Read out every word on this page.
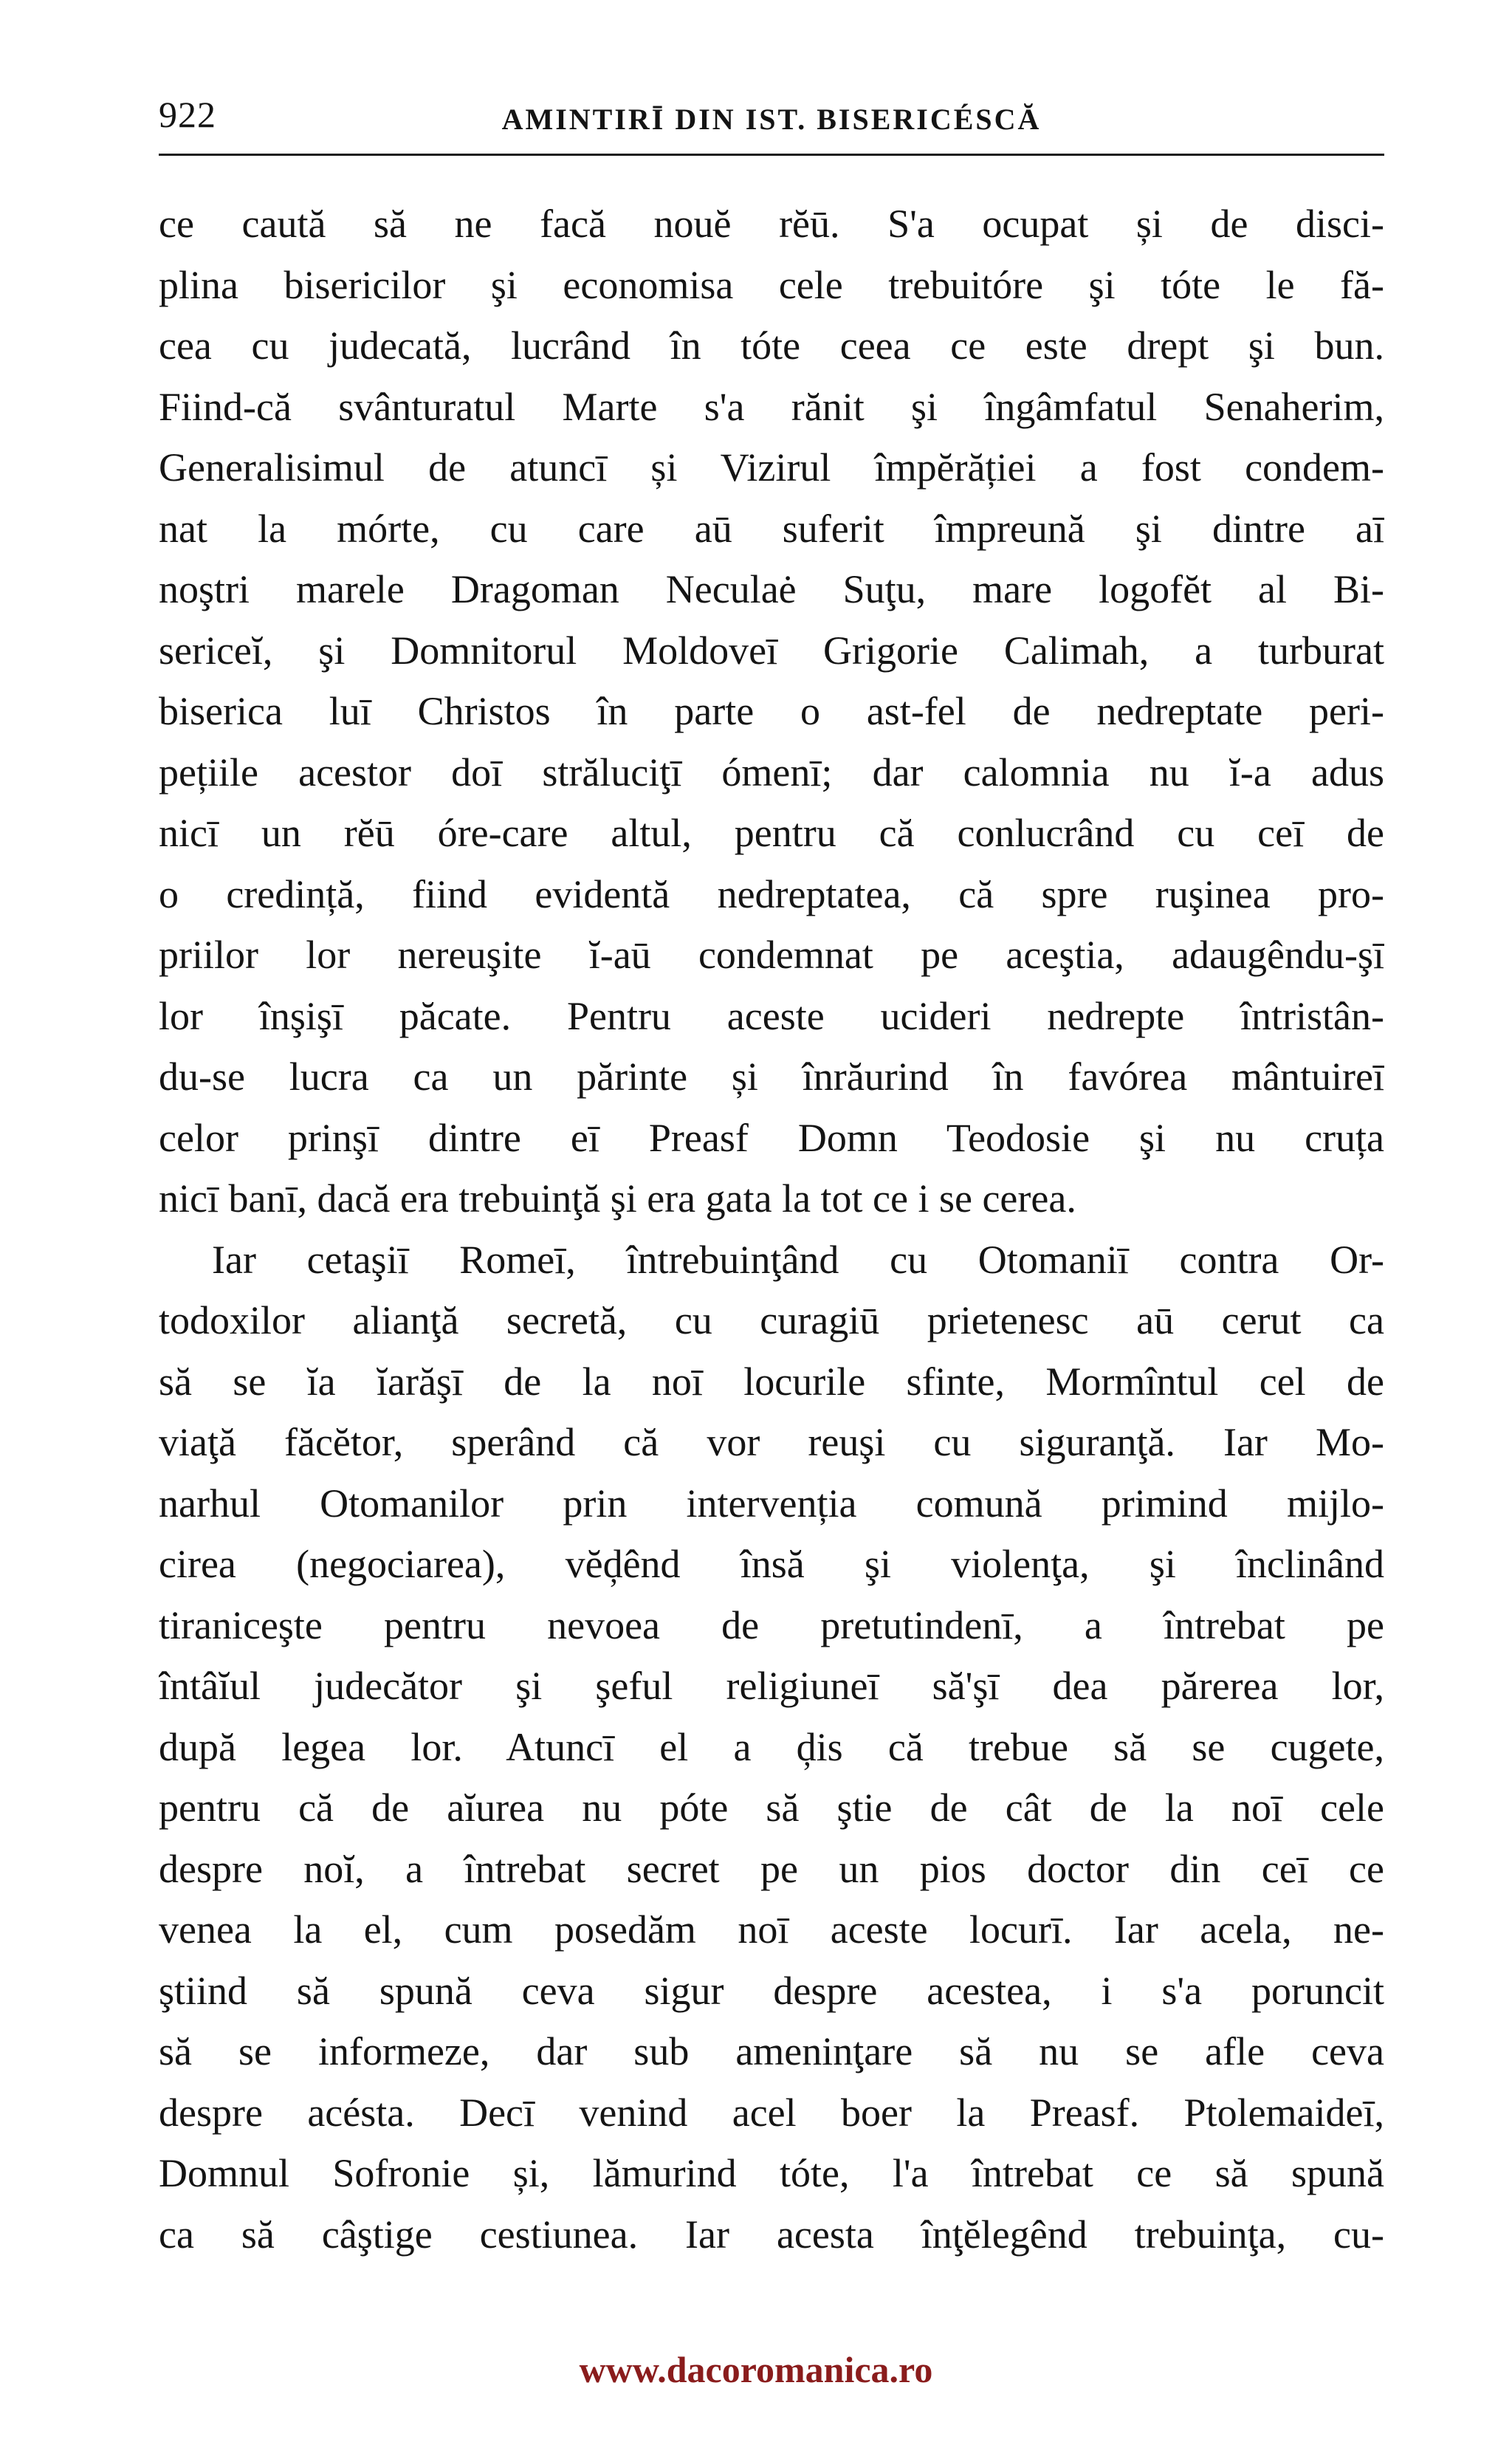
922	AMINTIRĪ DIN IST. BISERICÉSCĂ
ce caută să ne facă nouĕ rĕū. S'a ocupat și de disci-
plina bisericilor şi economisa cele trebuitóre şi tóte le fă-
cea cu judecată, lucrând în tóte ceea ce este drept şi bun.
Fiind-că svânturatul Marte s'a rănit şi îngâmfatul Senaherim,
Generalisimul de atuncī și Vizirul împĕrăției a fost condem-
nat la mórte, cu care aū suferit împreună şi dintre aī
noştri marele Dragoman Neculaė Suţu, mare logofĕt al Bi-
sericeĭ, şi Domnitorul Moldoveī Grigorie Calimah, a turburat
biserica luī Christos în parte o ast-fel de nedreptate peri-
pețiile acestor doī străluciţī ómenī; dar calomnia nu ĭ-a adus
nicī un rĕū óre-care altul, pentru că conlucrând cu ceī de
o credință, fiind evidentă nedreptatea, că spre ruşinea pro-
priilor lor nereuşite ĭ-aū condemnat pe aceştia, adaugêndu-şī
lor înşişī păcate. Pentru aceste ucideri nedrepte întristân-
du-se lucra ca un părinte și înrăurind în favórea mântuireī
celor prinşī dintre eī Preasf Domn Teodosie şi nu cruța
nicī banī, dacă era trebuinţă şi era gata la tot ce i se cerea.
Iar cetaşiī Romeī, întrebuinţând cu Otomaniī contra Or-
todoxilor alianţă secretă, cu curagiū prietenesc aū cerut ca
să se ĭa ĭarăşī de la noī locurile sfinte, Mormîntul cel de
viaţă făcĕtor, sperând că vor reuşi cu siguranţă. Iar Mo-
narhul Otomanilor prin intervenția comună primind mijlo-
cirea (negociarea), vĕḑênd însă şi violenţa, şi înclinând
tiraniceşte pentru nevoea de pretutindenī, a întrebat pe
întâĭul judecător şi şeful religiuneī să'şī dea părerea lor,
după legea lor. Atuncī el a ḑis că trebue să se cugete,
pentru că de aĭurea nu póte să ştie de cât de la noī cele
despre noĭ, a întrebat secret pe un pios doctor din ceī ce
venea la el, cum posedăm noī aceste locurī. Iar acela, ne-
ştiind să spună ceva sigur despre acestea, i s'a poruncit
să se informeze, dar sub ameninţare să nu se afle ceva
despre acésta. Decī venind acel boer la Preasf. Ptolemaideī,
Domnul Sofronie și, lămurind tóte, l'a întrebat ce să spună
ca să câştige cestiunea. Iar acesta înţĕlegênd trebuinţa, cu-
www.dacoromanica.ro
